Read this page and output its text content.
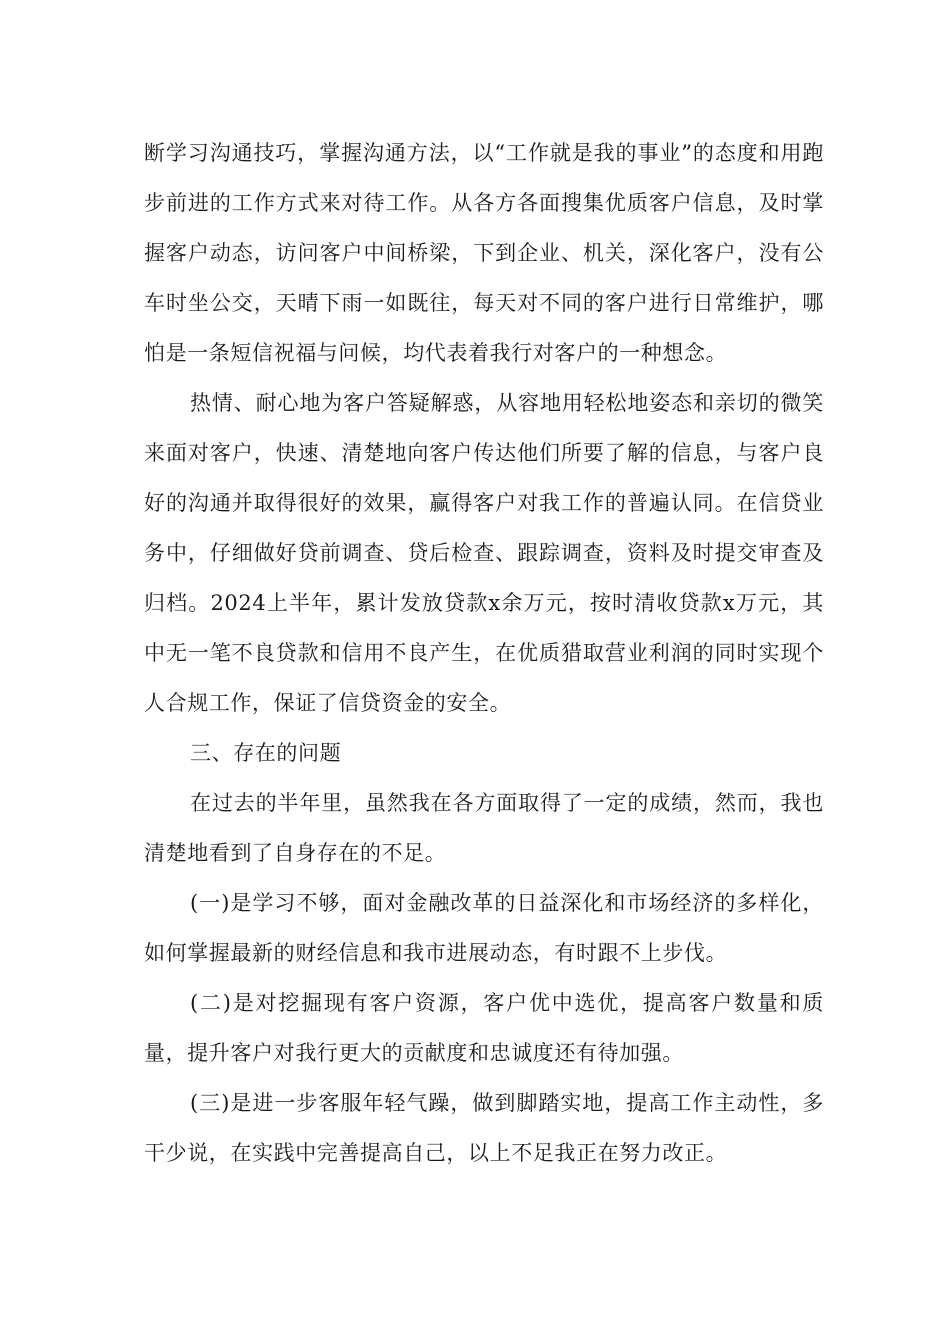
断学习沟通技巧，掌握沟通方法，以“工作就是我的事业”的态度和用跑步前进的工作方式来对待工作。从各方各面搜集优质客户信息，及时掌握客户动态，访问客户中间桥梁，下到企业、机关，深化客户，没有公车时坐公交，天晴下雨一如既往，每天对不同的客户进行日常维护，哪怕是一条短信祝福与问候，均代表着我行对客户的一种想念。

热情、耐心地为客户答疑解惑，从容地用轻松地姿态和亲切的微笑来面对客户，快速、清楚地向客户传达他们所要了解的信息，与客户良好的沟通并取得很好的效果，赢得客户对我工作的普遍认同。在信贷业务中，仔细做好贷前调查、贷后检查、跟踪调查，资料及时提交审查及归档。2024上半年，累计发放贷款x余万元，按时清收贷款x万元，其中无一笔不良贷款和信用不良产生，在优质猎取营业利润的同时实现个人合规工作，保证了信贷资金的安全。

三、存在的问题

在过去的半年里，虽然我在各方面取得了一定的成绩，然而，我也清楚地看到了自身存在的不足。

(一)是学习不够，面对金融改革的日益深化和市场经济的多样化，如何掌握最新的财经信息和我市进展动态，有时跟不上步伐。

(二)是对挖掘现有客户资源，客户优中选优，提高客户数量和质量，提升客户对我行更大的贡献度和忠诚度还有待加强。

(三)是进一步客服年轻气躁，做到脚踏实地，提高工作主动性，多干少说，在实践中完善提高自己，以上不足我正在努力改正。
